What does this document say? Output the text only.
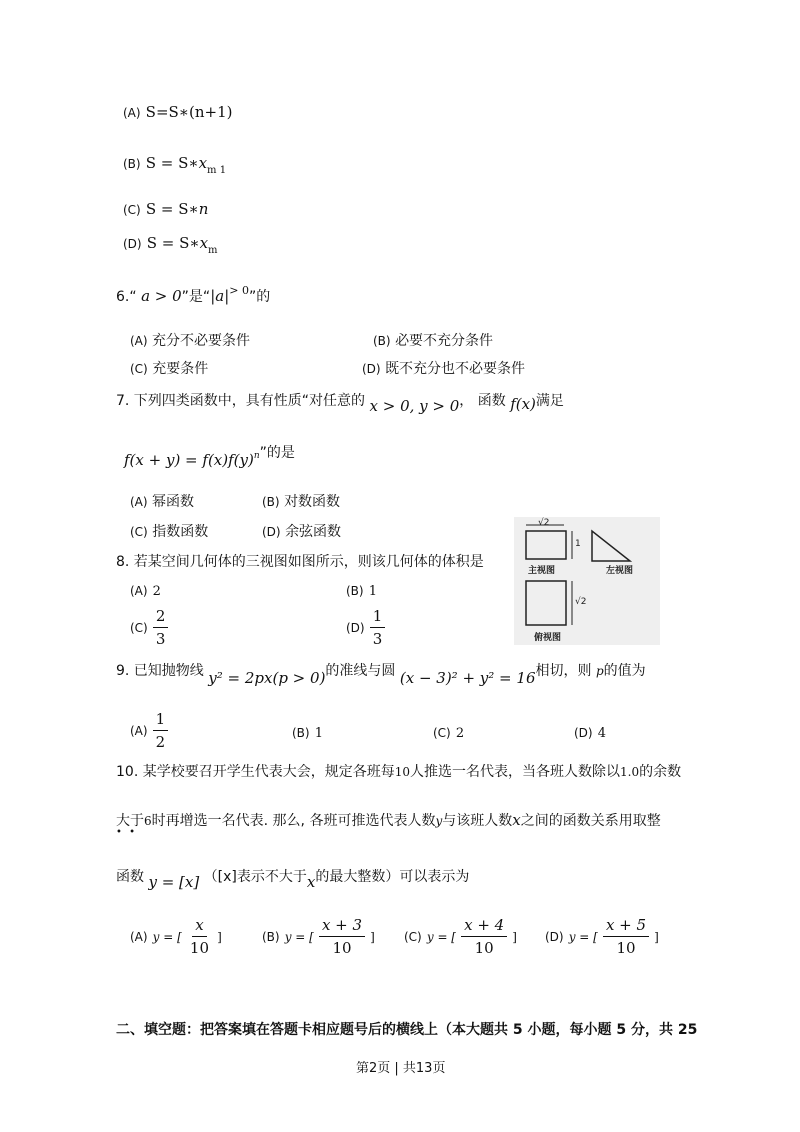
(A) S=S∗(n+1)
(B) $S = S∗x_{m 1}$
(C) S = S∗n
(D) $S = S∗x_m$
6.“ a > 0”是“$|a|^{> 0}$”的
(A) 充分不必要条件	(B) 必要不充分条件
(C) 充要条件	(D) 既不充分也不必要条件
7. 下列四类函数中，具有性质“对任意的 x > 0, y > 0， 函数 f(x)满足
$f(x + y) = f(x)f(y)^n$”的是
(A) 幂函数	(B) 对数函数
(C) 指数函数	(D) 余弦函数
8. 若某空间几何体的三视图如图所示，则该几何体的体积是
(A) 2	(B) 1
$(C) \frac{2}{3}$	$(D) \frac{1}{3}$
√2
1
主视图	左视图
√2
俯视图
9. 已知抛物线 y² = 2px(p > 0)的准线与圆 (x − 3)² + y² = 16相切，则 p的值为
$(A) \frac{1}{2}$	(B) 1	(C) 2	(D) 4
10. 某学校要召开学生代表大会，规定各班每10人推选一名代表，当各班人数除以1.0的余数
大于6时再增选一名代表. 那么, 各班可推选代表人数y与该班人数x之间的函数关系用取整
• •
函数 y = [x] （[x]表示不大于x的最大整数）可以表示为
(A) y = [ $\frac{x}{10}$ ]	(B) y = [ $\frac{x + 3}{10}$ ] (C) y = [ $\frac{x + 4}{10}$ ] (D) y = [ $\frac{x + 5}{10}$ ]
二、填空题：把答案填在答题卡相应题号后的横线上（本大题共 5 小题，每小题 5 分，共 25
第2页 | 共13页
